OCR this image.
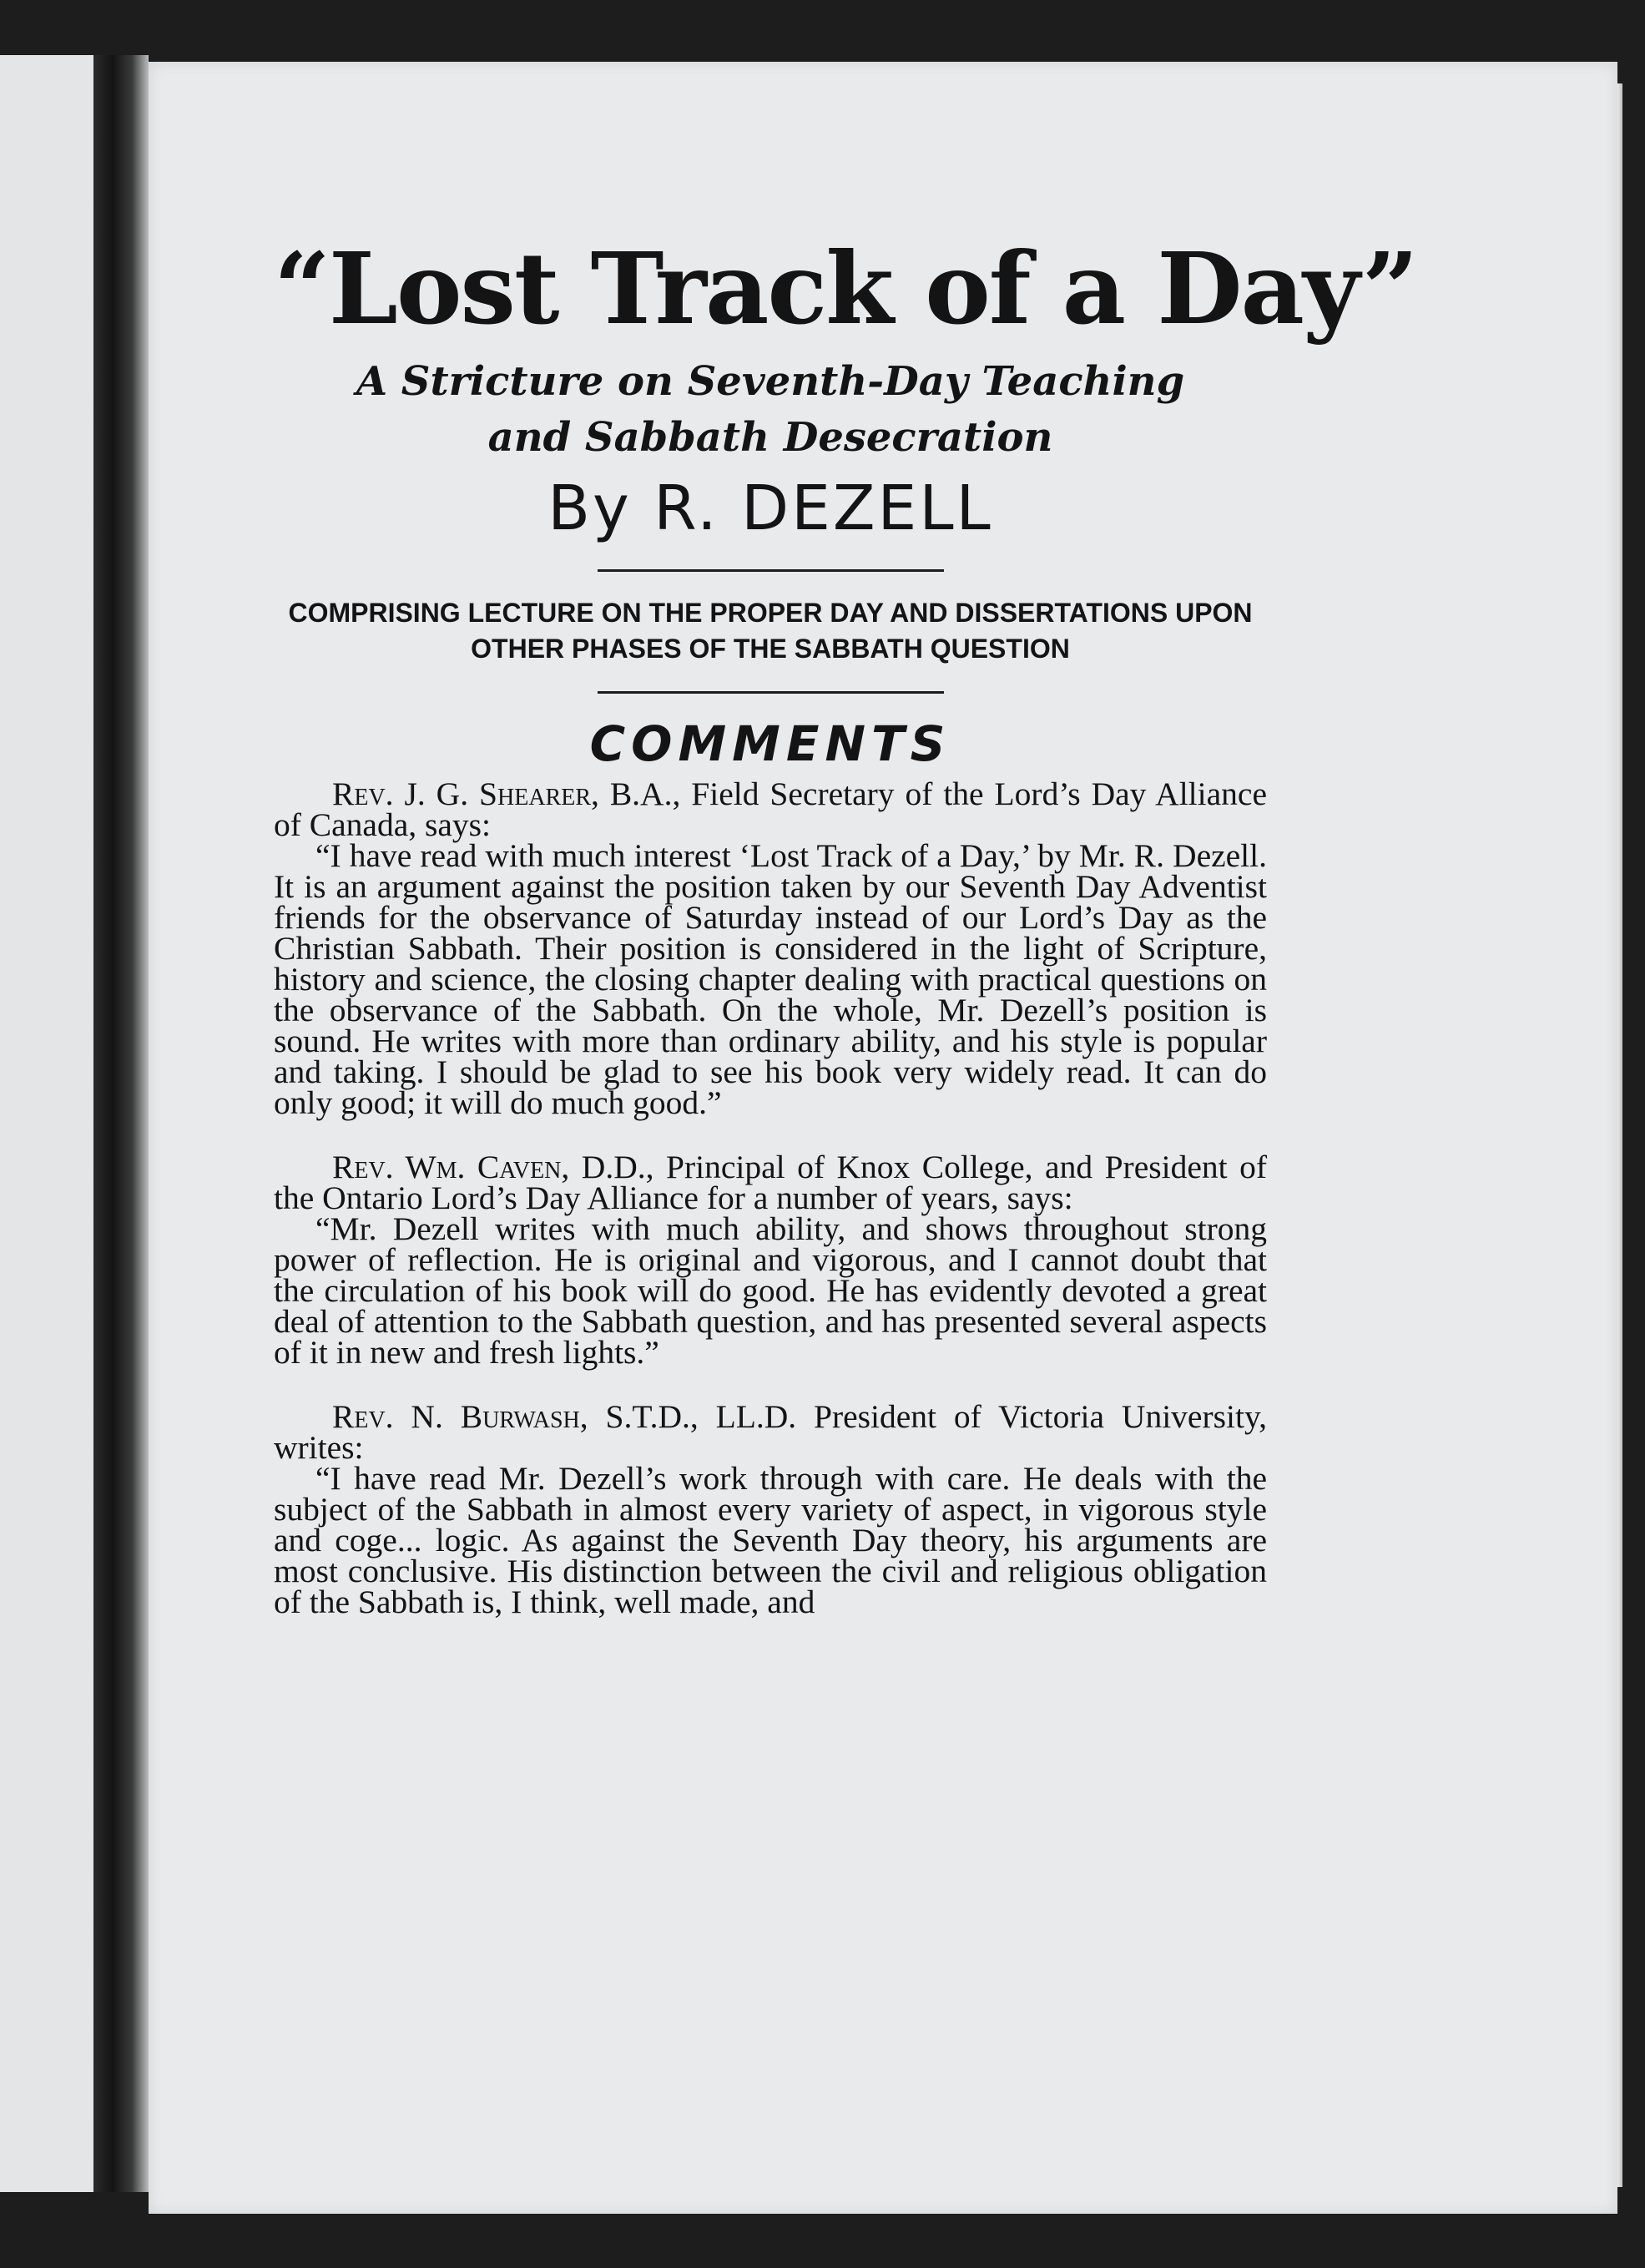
“Lost Track of a Day”
A Stricture on Seventh-Day Teaching and Sabbath Desecration
By R. DEZELL
COMPRISING LECTURE ON THE PROPER DAY AND DISSERTATIONS UPON OTHER PHASES OF THE SABBATH QUESTION
COMMENTS

Rev. J. G. Shearer, B.A., Field Secretary of the Lord’s Day Alliance of Canada, says:

“I have read with much interest ‘Lost Track of a Day,’ by Mr. R. Dezell. It is an argument against the position taken by our Seventh Day Adventist friends for the observance of Saturday instead of our Lord’s Day as the Christian Sabbath. Their position is considered in the light of Scripture, history and science, the closing chapter dealing with practical questions on the observance of the Sabbath. On the whole, Mr. Dezell’s position is sound. He writes with more than ordinary ability, and his style is popular and taking. I should be glad to see his book very widely read. It can do only good; it will do much good.”

Rev. Wm. Caven, D.D., Principal of Knox College, and President of the Ontario Lord’s Day Alliance for a number of years, says:

“Mr. Dezell writes with much ability, and shows throughout strong power of reflection. He is original and vigorous, and I cannot doubt that the circulation of his book will do good. He has evidently devoted a great deal of attention to the Sabbath question, and has presented several aspects of it in new and fresh lights.”

Rev. N. Burwash, S.T.D., LL.D. President of Victoria University, writes:

“I have read Mr. Dezell’s work through with care. He deals with the subject of the Sabbath in almost every variety of aspect, in vigorous style and coge... logic. As against the Seventh Day theory, his arguments are most conclusive. His distinction between the civil and religious obligation of the Sabbath is, I think, well made, and
